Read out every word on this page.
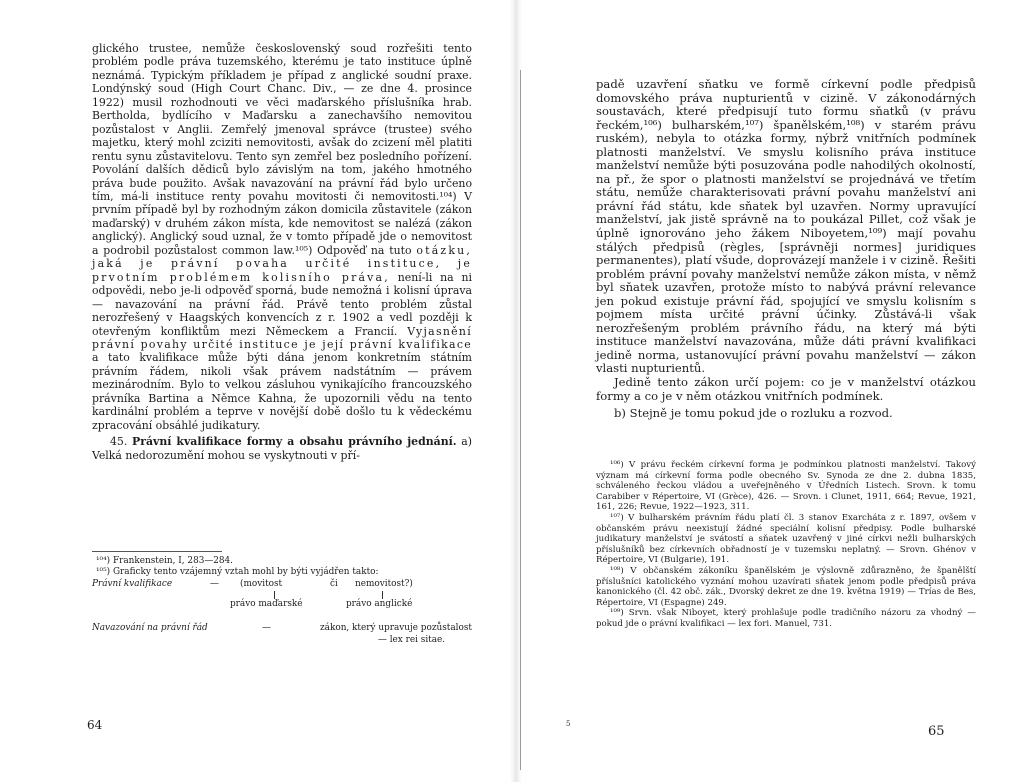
glického trustee, nemůže československý soud rozřešiti tento problém podle práva tuzemského, kterému je tato instituce úplně neznámá. Typickým příkladem je případ z anglické soudní praxe. Londýnský soud (High Court Chanc. Div., — ze dne 4. prosince 1922) musil rozhodnouti ve věci maďarského příslušníka hrab. Bertholda, bydlícího v Maďarsku a zanechavšího nemovitou pozůstalost v Anglii. Zemřelý jmenoval správce (trustee) svého majetku, který mohl zciziti nemovitosti, avšak do zcizení měl platiti rentu synu zůstavitelovu. Tento syn zemřel bez posledního pořízení. Povolání dalších dědiců bylo závislým na tom, jakého hmotného práva bude použito. Avšak navazování na právní řád bylo určeno tím, má-li instituce renty povahu movitosti či nemovitosti.¹⁰⁴) V prvním případě byl by rozhodným zákon domicila zůstavitele (zákon maďarský) v druhém zákon místa, kde nemovitost se nalézá (zákon anglický). Anglický soud uznal, že v tomto případě jde o nemovitost a podrobil pozůstalost common law.¹⁰⁵) Odpověď na tuto otázku, jaká je právní povaha určité instituce, je prvotním problémem kolisního práva, není-li na ni odpovědi, nebo je-li odpověď sporná, bude nemožná i kolisní úprava — navazování na právní řád. Právě tento problém zůstal nerozřešený v Haagských konvencích z r. 1902 a vedl později k otevřeným konfliktům mezi Německem a Francií. Vyjasnění právní povahy určité instituce je její právní kvalifikace a tato kvalifikace může býti dána jenom konkretním státním právním řádem, nikoli však právem nadstátním — právem mezinárodním. Bylo to velkou zásluhou vynikajícího francouzského právníka Bartina a Němce Kahna, že upozornili vědu na tento kardinální problém a teprve v novější době došlo tu k vědeckému zpracování obsáhlé judikatury.

45. Právní kvalifikace formy a obsahu právního jednání. a) Velká nedorozumění mohou se vyskytnouti v pří-

¹⁰⁴) Frankenstein, I, 283—284.

¹⁰⁵) Graficky tento vzájemný vztah mohl by býti vyjádřen takto:

Právní kvalifikace	— (movitost	či nemovitost?)
právo maďarské	právo anglické
Navazování na právní řád	—	zákon, který upravuje pozůstalost
— lex rei sitae.
64

padě uzavření sňatku ve formě církevní podle předpisů domovského práva nupturientů v cizině. V zákonodárných soustavách, které předpisují tuto formu sňatků (v právu řeckém,¹⁰⁶) bulharském,¹⁰⁷) španělském,¹⁰⁸) v starém právu ruském), nebyla to otázka formy, nýbrž vnitřních podmínek platnosti manželství. Ve smyslu kolisního práva instituce manželství nemůže býti posuzována podle nahodilých okolností, na př., že spor o platnosti manželství se projednává ve třetím státu, nemůže charakterisovati právní povahu manželství ani právní řád státu, kde sňatek byl uzavřen. Normy upravující manželství, jak jistě správně na to poukázal Pillet, což však je úplně ignorováno jeho žákem Niboyetem,¹⁰⁹) mají povahu stálých předpisů (règles, [správněji normes] juridiques permanentes), platí všude, doprovázejí manžele i v cizině. Řešiti problém právní povahy manželství nemůže zákon místa, v němž byl sňatek uzavřen, protože místo to nabývá právní relevance jen pokud existuje právní řád, spojující ve smyslu kolisním s pojmem místa určité právní účinky. Zůstává-li však nerozřešeným problém právního řádu, na který má býti instituce manželství navazována, může dáti právní kvalifikaci jedině norma, ustanovující právní povahu manželství — zákon vlasti nupturientů.

Jedině tento zákon určí pojem: co je v manželství otázkou formy a co je v něm otázkou vnitřních podmínek.

b) Stejně je tomu pokud jde o rozluku a rozvod.

¹⁰⁶) V právu řeckém církevní forma je podmínkou platnosti manželství. Takový význam má církevní forma podle obecného Sv. Synoda ze dne 2. dubna 1835, schváleného řeckou vládou a uveřejněného v Úředních Listech. Srovn. k tomu Carabiber v Répertoire, VI (Grèce), 426. — Srovn. i Clunet, 1911, 664; Revue, 1921, 161, 226; Revue, 1922—1923, 311.

¹⁰⁷) V bulharském právním řádu platí čl. 3 stanov Exarcháta z r. 1897, ovšem v občanském právu neexistují žádné speciální kolisní předpisy. Podle bulharské judikatury manželství je svátostí a sňatek uzavřený v jiné církvi nežli bulharských příslušníků bez církevních obřadností je v tuzemsku neplatný. — Srovn. Ghénov v Répertoire, VI (Bulgarie), 191.

¹⁰⁸) V občanském zákoníku španělském je výslovně zdůrazněno, že španělští příslušníci katolického vyznání mohou uzavírati sňatek jenom podle předpisů práva kanonického (čl. 42 obč. zák., Dvorský dekret ze dne 19. května 1919) — Trías de Bes, Répertoire, VI (Espagne) 249.

¹⁰⁹) Srvn. však Niboyet, který prohlašuje podle tradičního názoru za vhodný — pokud jde o právní kvalifikaci — lex fori. Manuel, 731.

5	65
